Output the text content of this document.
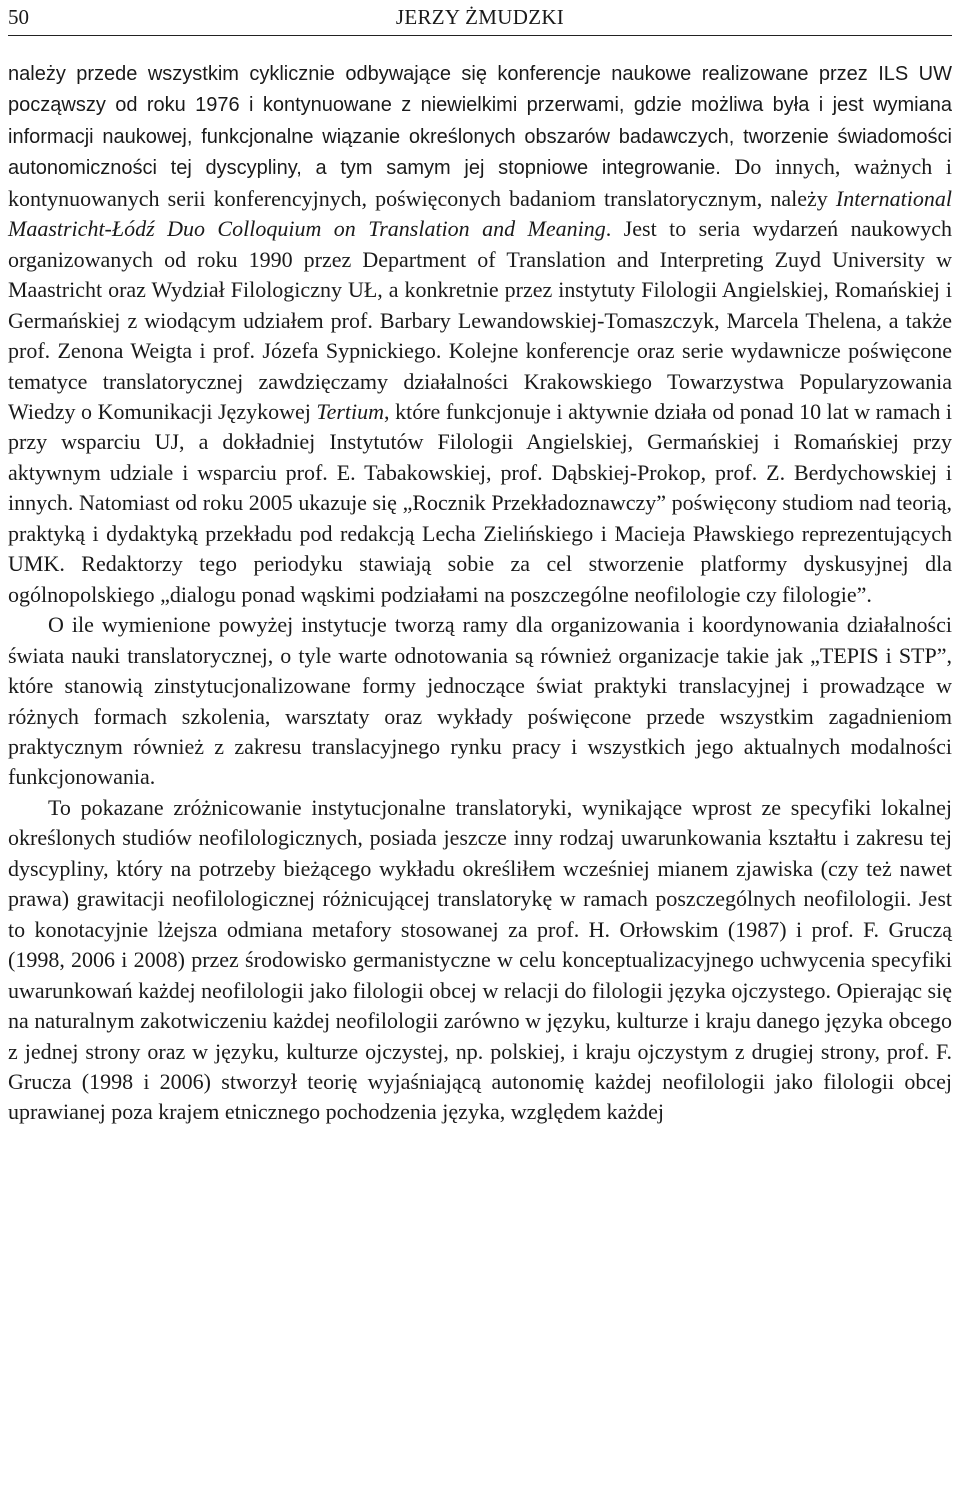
50	JERZY ŻMUDZKI

należy przede wszystkim cyklicznie odbywające się konferencje naukowe realizowane przez ILS UW począwszy od roku 1976 i kontynuowane z niewielkimi przerwami, gdzie możliwa była i jest wymiana informacji naukowej, funkcjonalne wiązanie określonych obszarów badawczych, tworzenie świadomości autonomiczności tej dyscypliny, a tym samym jej stopniowe integrowanie. Do innych, ważnych i kontynuowanych serii konferencyjnych, poświęconych badaniom translatorycznym, należy International Maastricht-Łódź Duo Colloquium on Translation and Meaning. Jest to seria wydarzeń naukowych organizowanych od roku 1990 przez Department of Translation and Interpreting Zuyd University w Maastricht oraz Wydział Filologiczny UŁ, a konkretnie przez instytuty Filologii Angielskiej, Romańskiej i Germańskiej z wiodącym udziałem prof. Barbary Lewandowskiej-Tomaszczyk, Marcela Thelena, a także prof. Zenona Weigta i prof. Józefa Sypnickiego. Kolejne konferencje oraz serie wydawnicze poświęcone tematyce translatorycznej zawdzięczamy działalności Krakowskiego Towarzystwa Popularyzowania Wiedzy o Komunikacji Językowej Tertium, które funkcjonuje i aktywnie działa od ponad 10 lat w ramach i przy wsparciu UJ, a dokładniej Instytutów Filologii Angielskiej, Germańskiej i Romańskiej przy aktywnym udziale i wsparciu prof. E. Tabakowskiej, prof. Dąbskiej-Prokop, prof. Z. Berdychowskiej i innych. Natomiast od roku 2005 ukazuje się „Rocznik Przekładoznawczy” poświęcony studiom nad teorią, praktyką i dydaktyką przekładu pod redakcją Lecha Zielińskiego i Macieja Pławskiego reprezentujących UMK. Redaktorzy tego periodyku stawiają sobie za cel stworzenie platformy dyskusyjnej dla ogólnopolskiego „dialogu ponad wąskimi podziałami na poszczególne neofilologie czy filologie”.

O ile wymienione powyżej instytucje tworzą ramy dla organizowania i koordynowania działalności świata nauki translatorycznej, o tyle warte odnotowania są również organizacje takie jak „TEPIS i STP”, które stanowią zinstytucjonalizowane formy jednoczące świat praktyki translacyjnej i prowadzące w różnych formach szkolenia, warsztaty oraz wykłady poświęcone przede wszystkim zagadnieniom praktycznym również z zakresu translacyjnego rynku pracy i wszystkich jego aktualnych modalności funkcjonowania.

To pokazane zróżnicowanie instytucjonalne translatoryki, wynikające wprost ze specyfiki lokalnej określonych studiów neofilologicznych, posiada jeszcze inny rodzaj uwarunkowania kształtu i zakresu tej dyscypliny, który na potrzeby bieżącego wykładu określiłem wcześniej mianem zjawiska (czy też nawet prawa) grawitacji neofilologicznej różnicującej translatorykę w ramach poszczególnych neofilologii. Jest to konotacyjnie lżejsza odmiana metafory stosowanej za prof. H. Orłowskim (1987) i prof. F. Gruczą (1998, 2006 i 2008) przez środowisko germanistyczne w celu konceptualizacyjnego uchwycenia specyfiki uwarunkowań każdej neofilologii jako filologii obcej w relacji do filologii języka ojczystego. Opierając się na naturalnym zakotwiczeniu każdej neofilologii zarówno w języku, kulturze i kraju danego języka obcego z jednej strony oraz w języku, kulturze ojczystej, np. polskiej, i kraju ojczystym z drugiej strony, prof. F. Grucza (1998 i 2006) stworzył teorię wyjaśniającą autonomię każdej neofilologii jako filologii obcej uprawianej poza krajem etnicznego pochodzenia języka, względem każdej
